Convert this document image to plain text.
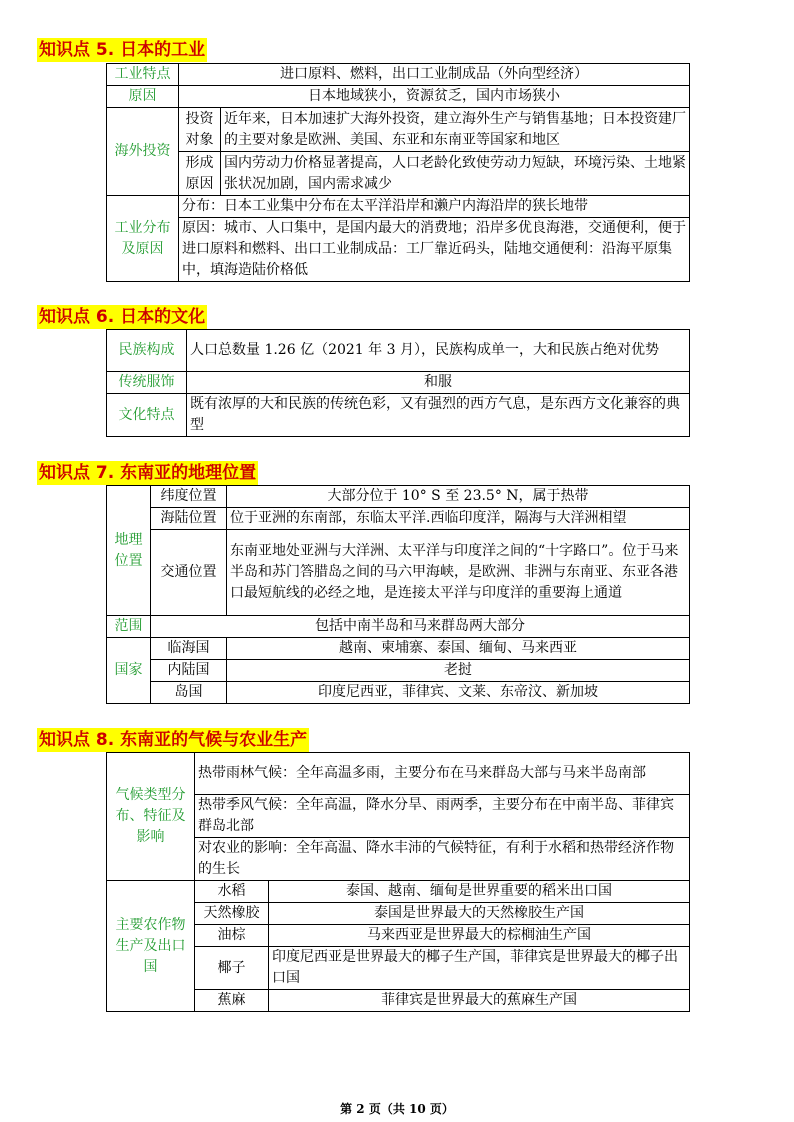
知识点 5. 日本的工业
工业特点	进口原料、燃料，出口工业制成品（外向型经济）	
原因	日本地域狭小，资源贫乏，国内市场狭小	
海外投资	投资对象	近年来，日本加速扩大海外投资，建立海外生产与销售基地；日本投资建厂的主要对象是欧洲、美国、东亚和东南亚等国家和地区
	形成原因	国内劳动力价格显著提高，人口老龄化致使劳动力短缺，环境污染、土地紧张状况加剧，国内需求减少
工业分布及原因	分布：日本工业集中分布在太平洋沿岸和濑户内海沿岸的狭长地带	
	原因：城市、人口集中，是国内最大的消费地；沿岸多优良海港，交通便利，便于进口原料和燃料、出口工业制成品：工厂靠近码头，陆地交通便利：沿海平原集中，填海造陆价格低	
知识点 6. 日本的文化
民族构成	人口总数量 1.26 亿（2021 年 3 月），民族构成单一，大和民族占绝对优势
传统服饰	和服
文化特点	既有浓厚的大和民族的传统色彩，又有强烈的西方气息，是东西方文化兼容的典型
知识点 7. 东南亚的地理位置
地理位置	纬度位置	大部分位于 10° S 至 23.5° N，属于热带
	海陆位置	位于亚洲的东南部，东临太平洋.西临印度洋，隔海与大洋洲相望
	交通位置	东南亚地处亚洲与大洋洲、太平洋与印度洋之间的“十字路口”。位于马来半岛和苏门答腊岛之间的马六甲海峡，是欧洲、非洲与东南亚、东亚各港口最短航线的必经之地，是连接太平洋与印度洋的重要海上通道
范围	包括中南半岛和马来群岛两大部分	
国家	临海国	越南、柬埔寨、泰国、缅甸、马来西亚
	内陆国	老挝
	岛国	印度尼西亚，菲律宾、文莱、东帝汶、新加坡
知识点 8. 东南亚的气候与农业生产
气候类型分布、特征及影响	热带雨林气候：全年高温多雨，主要分布在马来群岛大部与马来半岛南部	
	热带季风气候：全年高温，降水分旱、雨两季，主要分布在中南半岛、菲律宾群岛北部	
	对农业的影响：全年高温、降水丰沛的气候特征，有利于水稻和热带经济作物的生长	
主要农作物生产及出口国	水稻	泰国、越南、缅甸是世界重要的稻米出口国
	天然橡胶	泰国是世界最大的天然橡胶生产国
	油棕	马来西亚是世界最大的棕榈油生产国
	椰子	印度尼西亚是世界最大的椰子生产国，菲律宾是世界最大的椰子出口国
	蕉麻	菲律宾是世界最大的蕉麻生产国
第 2 页（共 10 页）
